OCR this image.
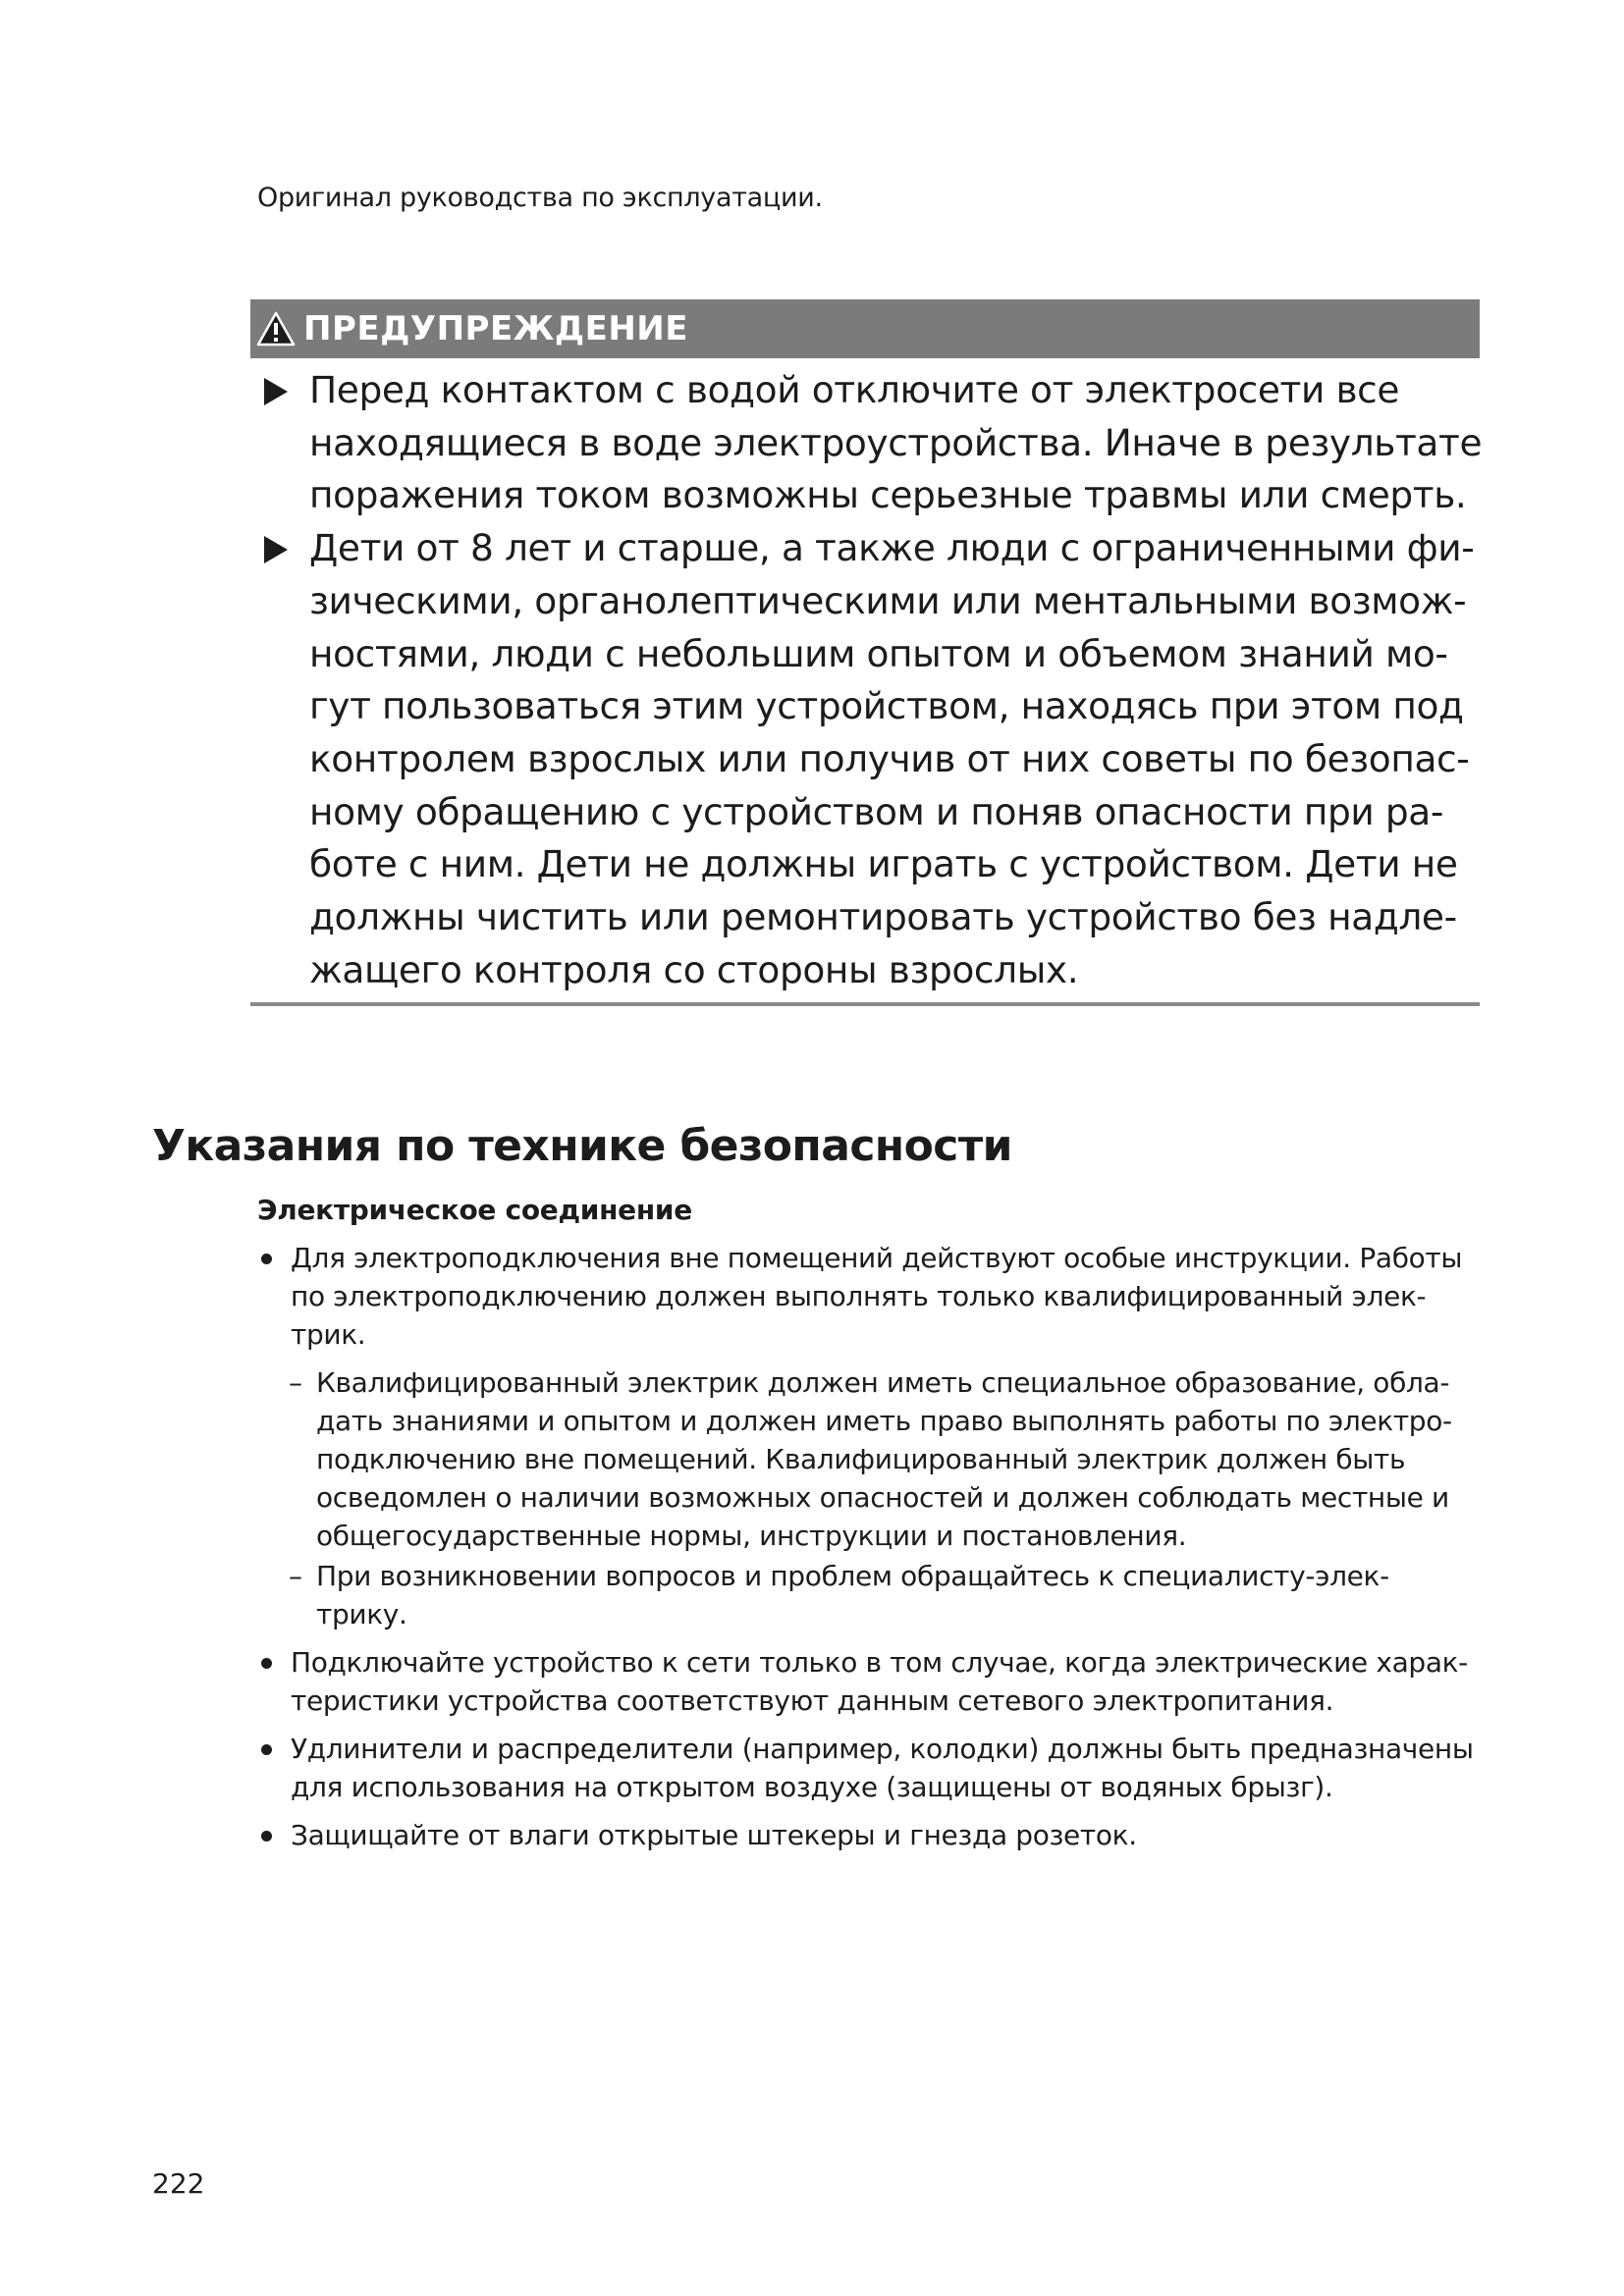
Оригинал руководства по эксплуатации.
ПРЕДУПРЕЖДЕНИЕ
Перед контактом с водой отключите от электросети все
находящиеся в воде электроустройства. Иначе в результате
поражения током возможны серьезные травмы или смерть.
Дети от 8 лет и старше, а также люди с ограниченными фи-
зическими, органолептическими или ментальными возмож-
ностями, люди с небольшим опытом и объемом знаний мо-
гут пользоваться этим устройством, находясь при этом под
контролем взрослых или получив от них советы по безопас-
ному обращению с устройством и поняв опасности при ра-
боте с ним. Дети не должны играть с устройством. Дети не
должны чистить или ремонтировать устройство без надле-
жащего контроля со стороны взрослых.
Указания по технике безопасности
Электрическое соединение
Для электроподключения вне помещений действуют особые инструкции. Работы
по электроподключению должен выполнять только квалифицированный элек-
трик.
– Квалифицированный электрик должен иметь специальное образование, обла-
дать знаниями и опытом и должен иметь право выполнять работы по электро-
подключению вне помещений. Квалифицированный электрик должен быть
осведомлен о наличии возможных опасностей и должен соблюдать местные и
общегосударственные нормы, инструкции и постановления.
– При возникновении вопросов и проблем обращайтесь к специалисту-элек-
трику.
Подключайте устройство к сети только в том случае, когда электрические харак-
теристики устройства соответствуют данным сетевого электропитания.
Удлинители и распределители (например, колодки) должны быть предназначены
для использования на открытом воздухе (защищены от водяных брызг).
Защищайте от влаги открытые штекеры и гнезда розеток.
222
